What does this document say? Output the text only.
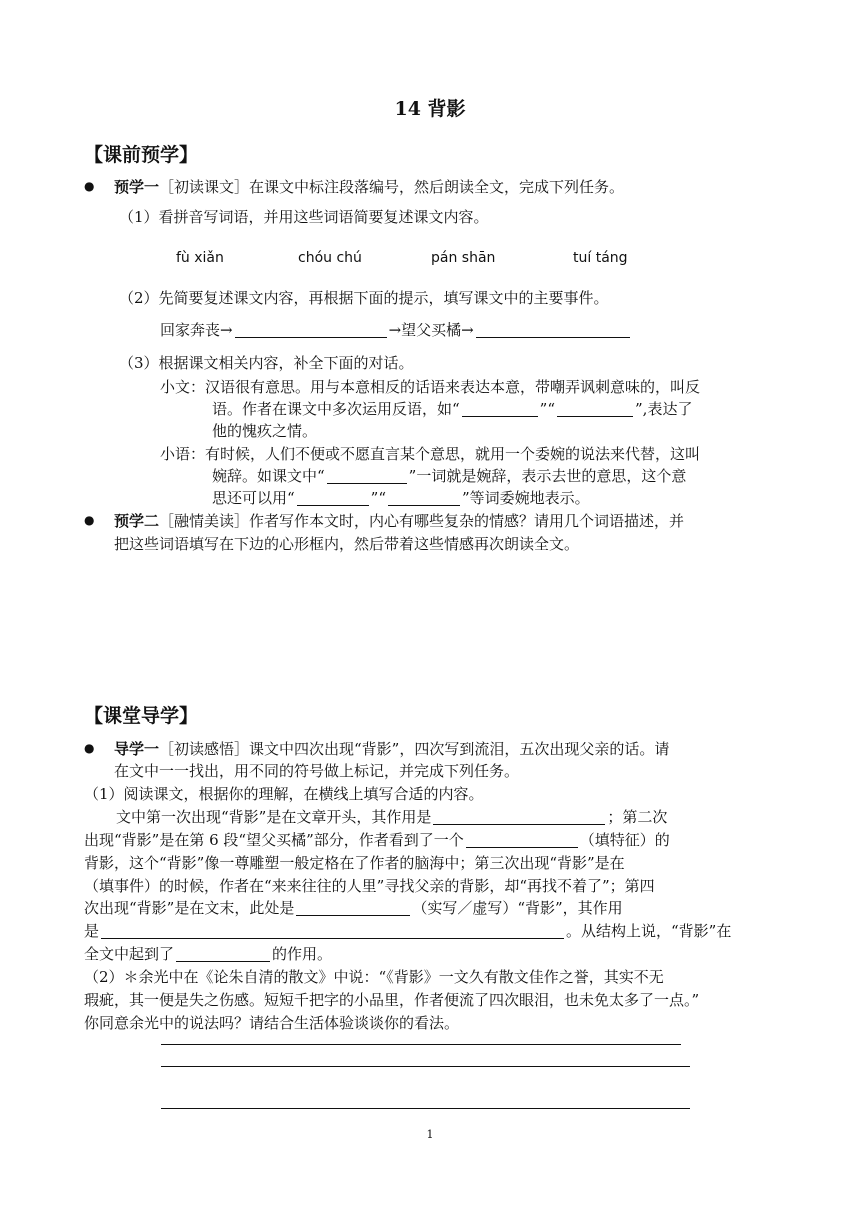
14 背影
【课前预学】
● 预学一［初读课文］在课文中标注段落编号，然后朗读全文，完成下列任务。
（1）看拼音写词语，并用这些词语简要复述课文内容。
fù xiǎn	chóu chú	pán shān	tuí táng
（2）先简要复述课文内容，再根据下面的提示，填写课文中的主要事件。
回家奔丧→	→望父买橘→
（3）根据课文相关内容，补全下面的对话。
小文：汉语很有意思。用与本意相反的话语来表达本意，带嘲弄讽刺意味的，叫反
语。作者在课文中多次运用反语，如“	”“	”,表达了
他的愧疚之情。
小语：有时候，人们不便或不愿直言某个意思，就用一个委婉的说法来代替，这叫
婉辞。如课文中“	”一词就是婉辞，表示去世的意思，这个意
思还可以用“	”“	”等词委婉地表示。
● 预学二［融情美读］作者写作本文时，内心有哪些复杂的情感？请用几个词语描述，并
把这些词语填写在下边的心形框内，然后带着这些情感再次朗读全文。
【课堂导学】
● 导学一［初读感悟］课文中四次出现“背影”，四次写到流泪，五次出现父亲的话。请
在文中一一找出，用不同的符号做上标记，并完成下列任务。
（1）阅读课文，根据你的理解，在横线上填写合适的内容。
文中第一次出现“背影”是在文章开头，其作用是	；第二次
出现“背影”是在第 6 段“望父买橘”部分，作者看到了一个	（填特征）的
背影，这个“背影”像一尊雕塑一般定格在了作者的脑海中；第三次出现“背影”是在
（填事件）的时候，作者在“来来往往的人里”寻找父亲的背影，却“再找不着了”；第四
次出现“背影”是在文末，此处是	（实写／虚写）“背影”，其作用
是	。从结构上说，“背影”在
全文中起到了	的作用。
（2）＊余光中在《论朱自清的散文》中说：“《背影》一文久有散文佳作之誉，其实不无
瑕疵，其一便是失之伤感。短短千把字的小品里，作者便流了四次眼泪，也未免太多了一点。”
你同意余光中的说法吗？请结合生活体验谈谈你的看法。
1
